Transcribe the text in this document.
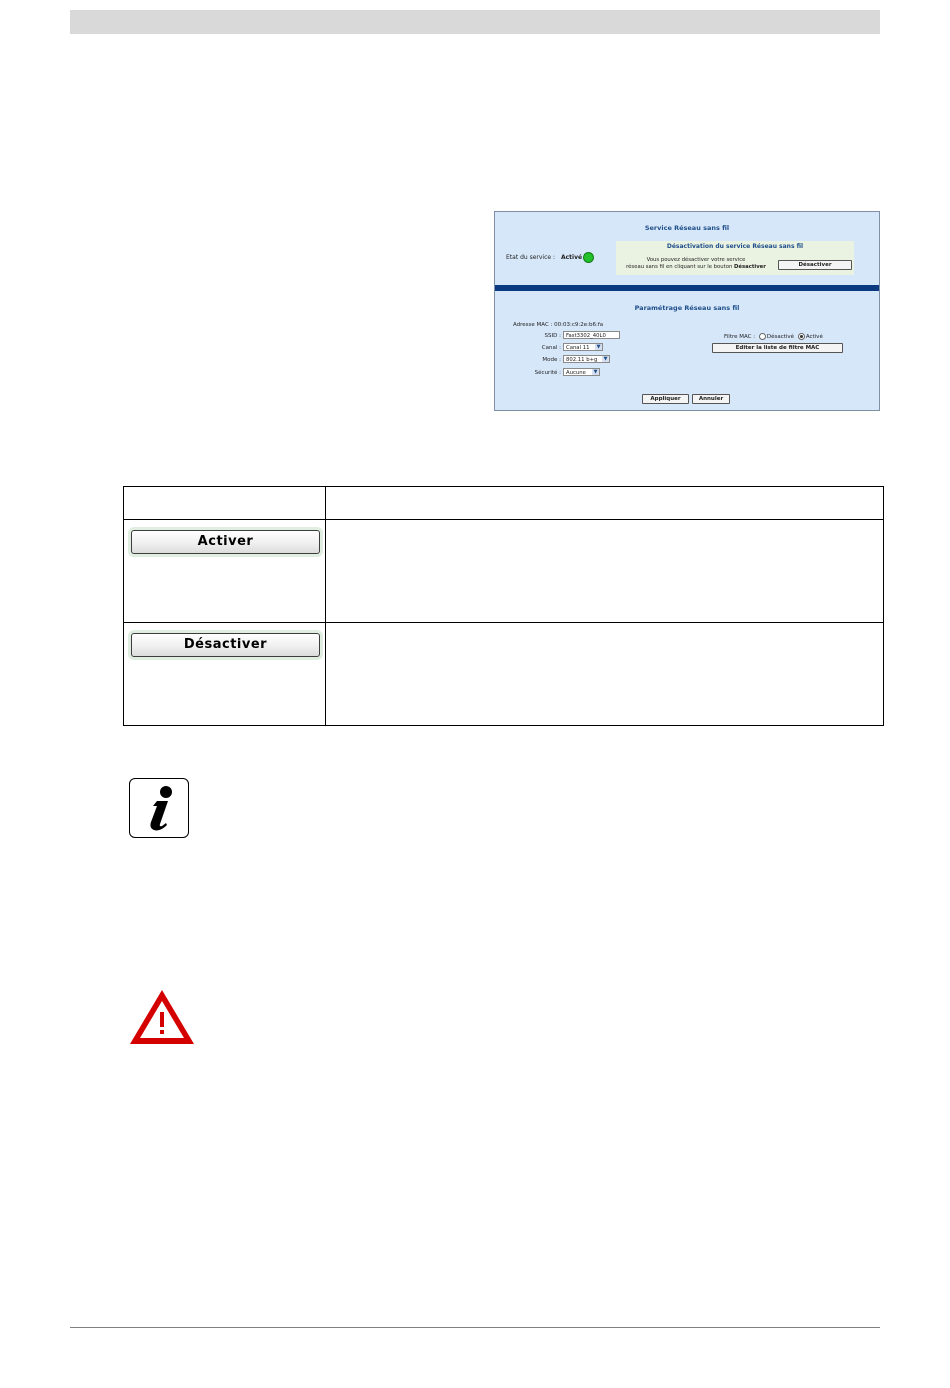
Service Réseau sans fil
Etat du service : Activé
Désactivation du service Réseau sans fil
Vous pouvez désactiver votre service
réseau sans fil en cliquant sur le bouton Désactiver	Désactiver
Paramétrage Réseau sans fil
Adresse MAC : 00:03:c9:2e:b6:fa
SSID : Fast3302_40L0
Canal : Canal 11	▼
Mode : 802.11 b+g	▼
Sécurité : Aucune	▼
Filtre MAC : Désactivé Activé
Editer la liste de filtre MAC
Appliquer	Annuler
Activer
Désactiver
